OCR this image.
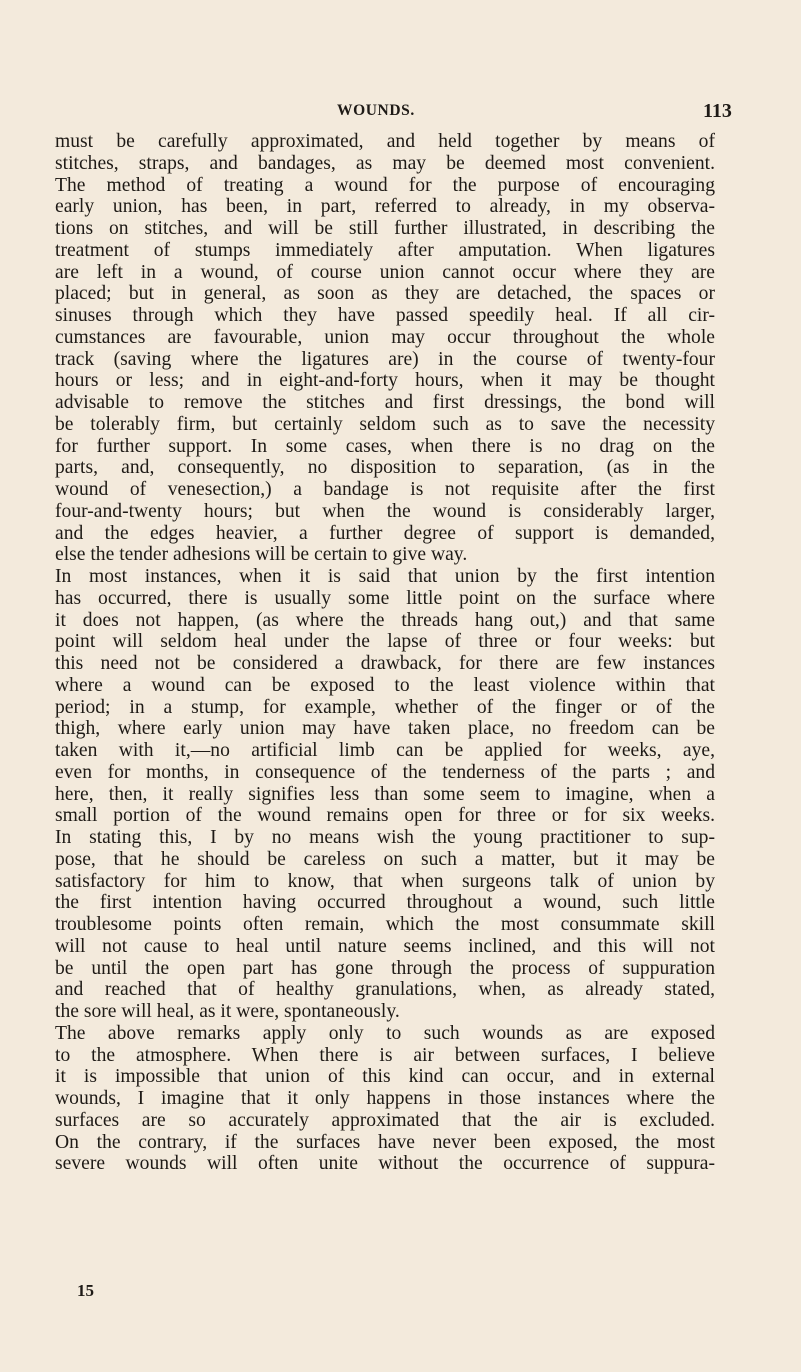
WOUNDS.	113
must be carefully approximated, and held together by means of
stitches, straps, and bandages, as may be deemed most convenient.
The method of treating a wound for the purpose of encouraging
early union, has been, in part, referred to already, in my observa-
tions on stitches, and will be still further illustrated, in describing the
treatment of stumps immediately after amputation. When ligatures
are left in a wound, of course union cannot occur where they are
placed; but in general, as soon as they are detached, the spaces or
sinuses through which they have passed speedily heal. If all cir-
cumstances are favourable, union may occur throughout the whole
track (saving where the ligatures are) in the course of twenty-four
hours or less; and in eight-and-forty hours, when it may be thought
advisable to remove the stitches and first dressings, the bond will
be tolerably firm, but certainly seldom such as to save the necessity
for further support. In some cases, when there is no drag on the
parts, and, consequently, no disposition to separation, (as in the
wound of venesection,) a bandage is not requisite after the first
four-and-twenty hours; but when the wound is considerably larger,
and the edges heavier, a further degree of support is demanded,
else the tender adhesions will be certain to give way.
In most instances, when it is said that union by the first intention
has occurred, there is usually some little point on the surface where
it does not happen, (as where the threads hang out,) and that same
point will seldom heal under the lapse of three or four weeks: but
this need not be considered a drawback, for there are few instances
where a wound can be exposed to the least violence within that
period; in a stump, for example, whether of the finger or of the
thigh, where early union may have taken place, no freedom can be
taken with it,—no artificial limb can be applied for weeks, aye,
even for months, in consequence of the tenderness of the parts ; and
here, then, it really signifies less than some seem to imagine, when a
small portion of the wound remains open for three or for six weeks.
In stating this, I by no means wish the young practitioner to sup-
pose, that he should be careless on such a matter, but it may be
satisfactory for him to know, that when surgeons talk of union by
the first intention having occurred throughout a wound, such little
troublesome points often remain, which the most consummate skill
will not cause to heal until nature seems inclined, and this will not
be until the open part has gone through the process of suppuration
and reached that of healthy granulations, when, as already stated,
the sore will heal, as it were, spontaneously.
The above remarks apply only to such wounds as are exposed
to the atmosphere. When there is air between surfaces, I believe
it is impossible that union of this kind can occur, and in external
wounds, I imagine that it only happens in those instances where the
surfaces are so accurately approximated that the air is excluded.
On the contrary, if the surfaces have never been exposed, the most
severe wounds will often unite without the occurrence of suppura-
15
